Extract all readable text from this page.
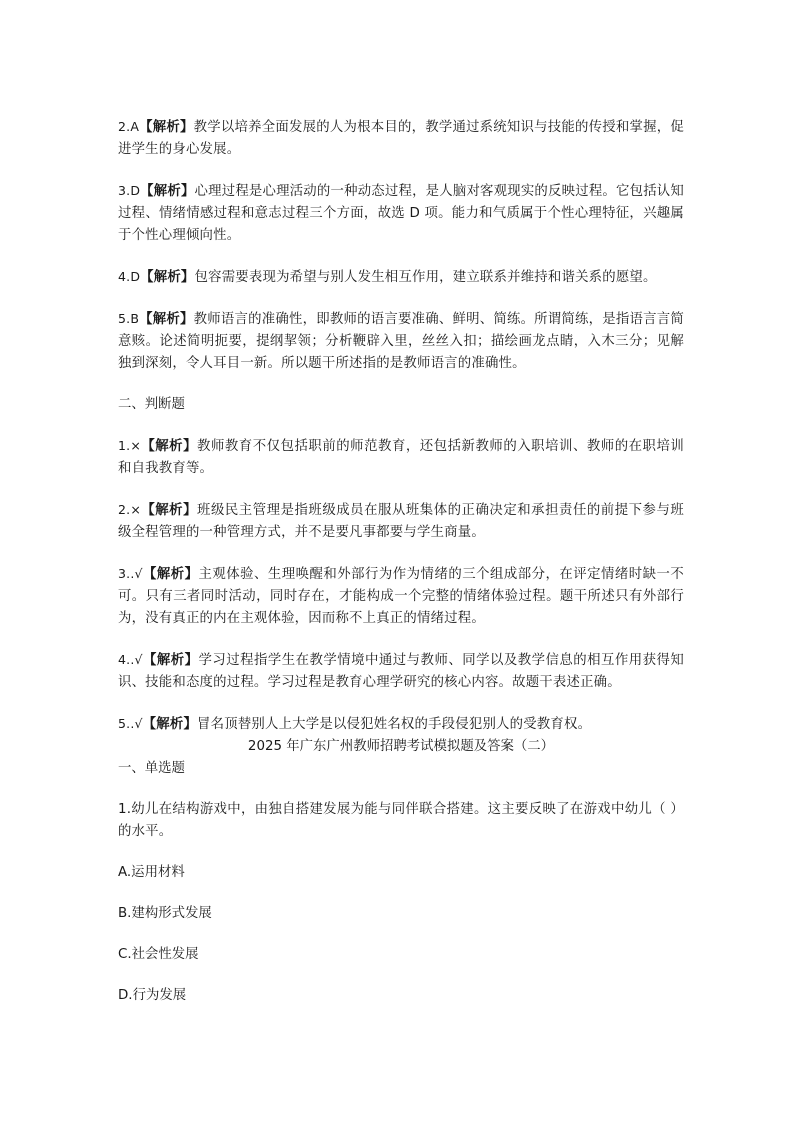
2.A【解析】教学以培养全面发展的人为根本目的，教学通过系统知识与技能的传授和掌握，促进学生的身心发展。

3.D【解析】心理过程是心理活动的一种动态过程，是人脑对客观现实的反映过程。它包括认知过程、情绪情感过程和意志过程三个方面，故选 D 项。能力和气质属于个性心理特征，兴趣属于个性心理倾向性。

4.D【解析】包容需要表现为希望与别人发生相互作用，建立联系并维持和谐关系的愿望。

5.B【解析】教师语言的准确性，即教师的语言要准确、鲜明、简练。所谓简练，是指语言言简意赅。论述简明扼要，提纲挈领；分析鞭辟入里，丝丝入扣；描绘画龙点睛，入木三分；见解独到深刻，令人耳目一新。所以题干所述指的是教师语言的准确性。

二、判断题

1.×【解析】教师教育不仅包括职前的师范教育，还包括新教师的入职培训、教师的在职培训和自我教育等。

2.×【解析】班级民主管理是指班级成员在服从班集体的正确决定和承担责任的前提下参与班级全程管理的一种管理方式，并不是要凡事都要与学生商量。

3..√【解析】主观体验、生理唤醒和外部行为作为情绪的三个组成部分，在评定情绪时缺一不可。只有三者同时活动，同时存在，才能构成一个完整的情绪体验过程。题干所述只有外部行为，没有真正的内在主观体验，因而称不上真正的情绪过程。

4..√【解析】学习过程指学生在教学情境中通过与教师、同学以及教学信息的相互作用获得知识、技能和态度的过程。学习过程是教育心理学研究的核心内容。故题干表述正确。

5..√【解析】冒名顶替别人上大学是以侵犯姓名权的手段侵犯别人的受教育权。

2025 年广东广州教师招聘考试模拟题及答案（二）

一、单选题

1.幼儿在结构游戏中，由独自搭建发展为能与同伴联合搭建。这主要反映了在游戏中幼儿（ ）的水平。

A.运用材料

B.建构形式发展

C.社会性发展

D.行为发展
